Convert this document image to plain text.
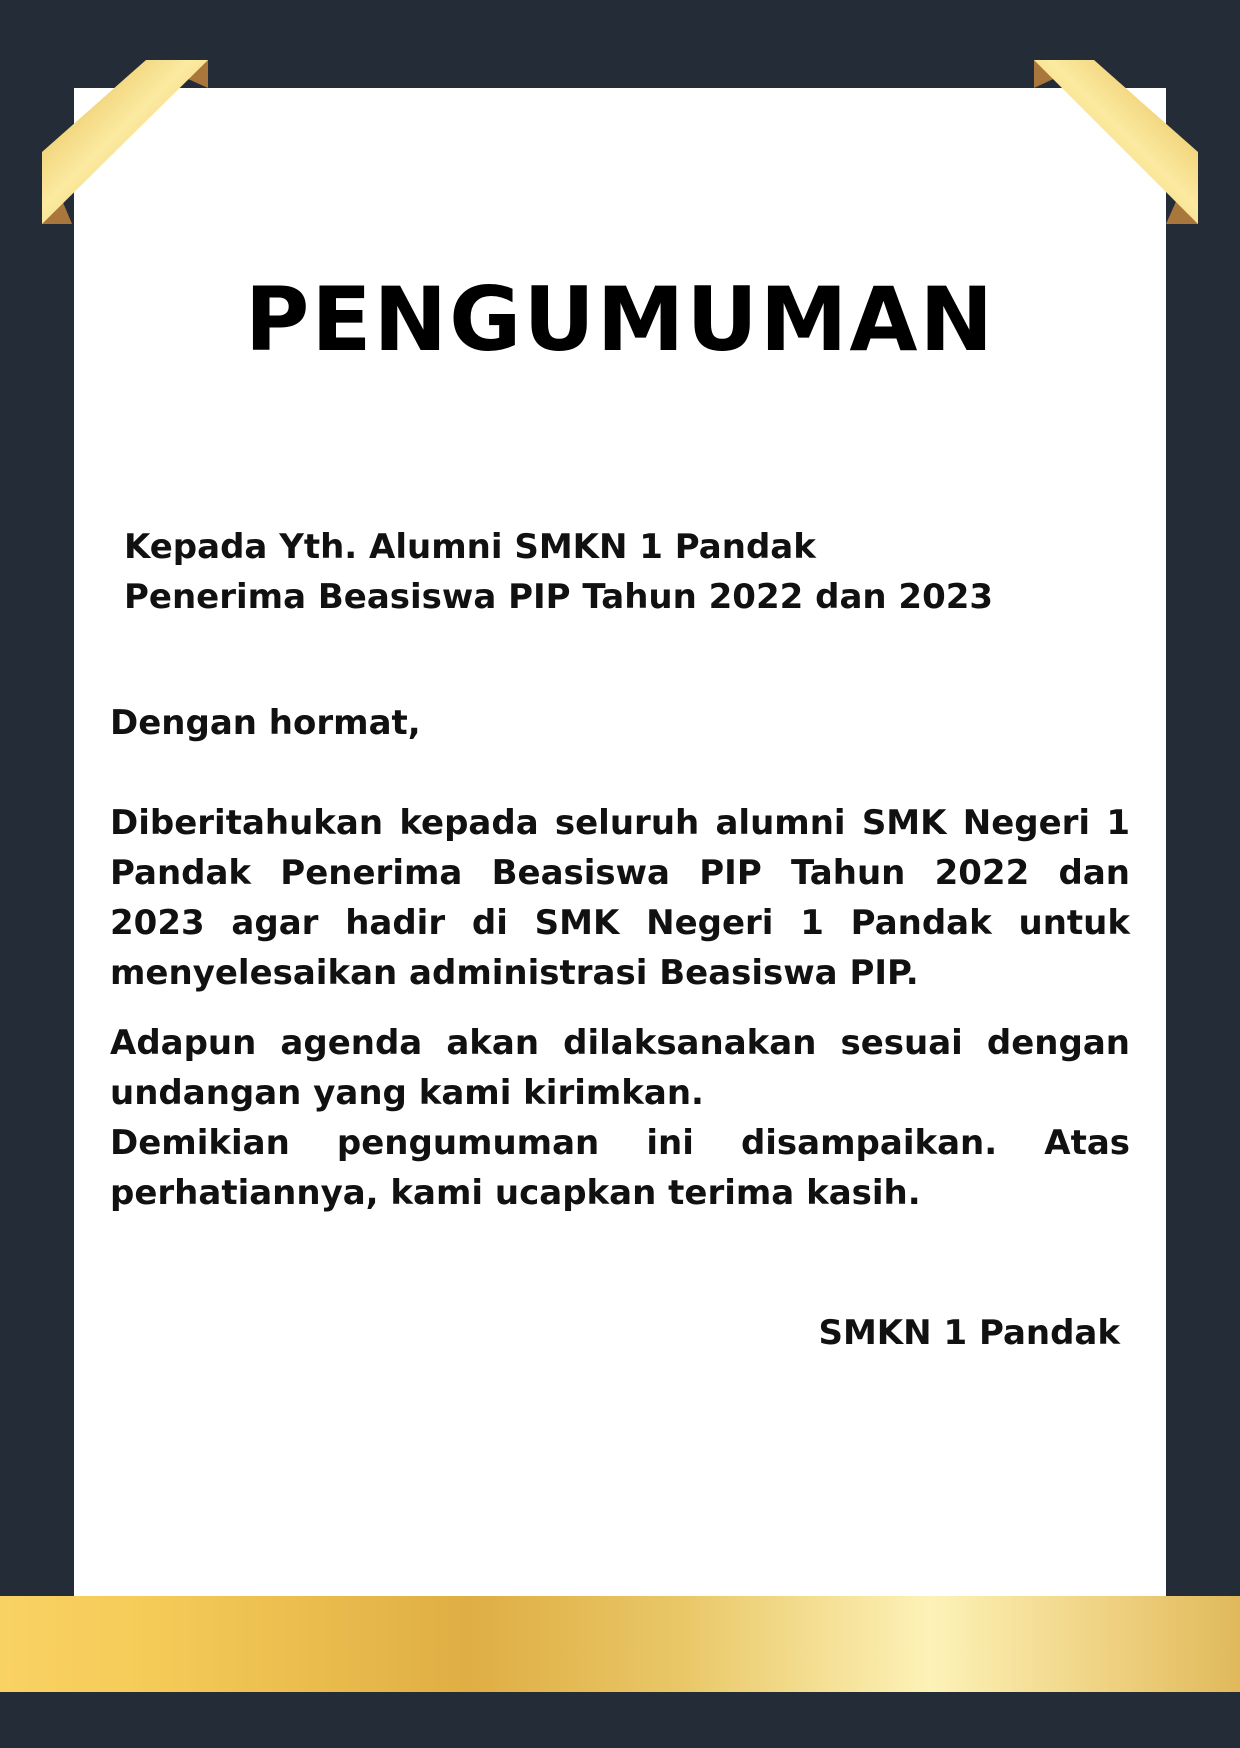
PENGUMUMAN
Kepada Yth. Alumni SMKN 1 Pandak
Penerima Beasiswa PIP Tahun 2022 dan 2023
Dengan hormat,
Diberitahukan kepada seluruh alumni SMK Negeri 1 Pandak Penerima Beasiswa PIP Tahun 2022 dan 2023 agar hadir di SMK Negeri 1 Pandak untuk menyelesaikan administrasi Beasiswa PIP.
Adapun agenda akan dilaksanakan sesuai dengan undangan yang kami kirimkan.
Demikian pengumuman ini disampaikan. Atas perhatiannya, kami ucapkan terima kasih.
SMKN 1 Pandak
